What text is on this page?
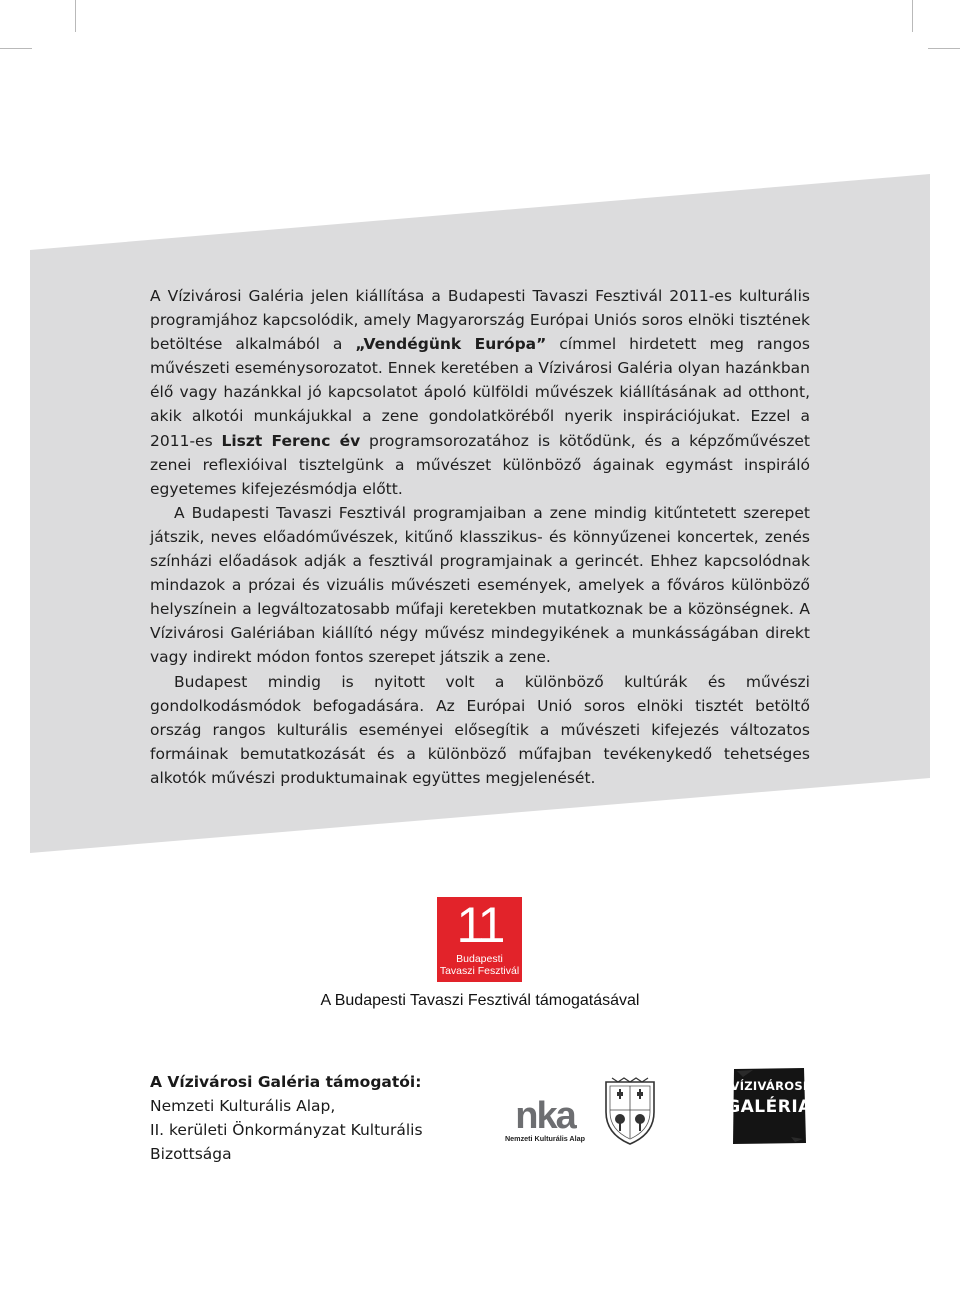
A Vízivárosi Galéria jelen kiállítása a Budapesti Tavaszi Fesztivál 2011-es kulturális programjához kapcsolódik, amely Magyarország Európai Uniós soros elnöki tisztének betöltése alkalmából a „Vendégünk Európa” címmel hirdetett meg rangos művészeti eseménysorozatot. Ennek keretében a Vízivárosi Galéria olyan hazánkban élő vagy hazánkkal jó kapcsolatot ápoló külföldi művészek kiállításának ad otthont, akik alkotói munkájukkal a zene gondolatköréből nyerik inspirációjukat. Ezzel a 2011-es Liszt Ferenc év programsorozatához is kötődünk, és a képzőművészet zenei reflexióival tisztelgünk a művészet különböző ágainak egymást inspiráló egyetemes kifejezésmódja előtt.

A Budapesti Tavaszi Fesztivál programjaiban a zene mindig kitűntetett szerepet játszik, neves előadóművészek, kitűnő klasszikus- és könnyűzenei koncertek, zenés színházi előadások adják a fesztivál programjainak a gerincét. Ehhez kapcsolódnak mindazok a prózai és vizuális művészeti események, amelyek a főváros különböző helyszínein a legváltozatosabb műfaji keretekben mutatkoznak be a közönségnek. A Vízivárosi Galériában kiállító négy művész mindegyikének a munkásságában direkt vagy indirekt módon fontos szerepet játszik a zene.

Budapest mindig is nyitott volt a különböző kultúrák és művészi gondolkodásmódok befogadására. Az Európai Unió soros elnöki tisztét betöltő ország rangos kulturális eseményei elősegítik a művészeti kifejezés változatos formáinak bemutatkozását és a különböző műfajban tevékenykedő tehetséges alkotók művészi produktumainak együttes megjelenését.

11
Budapesti
Tavaszi Fesztivál
A Budapesti Tavaszi Fesztivál támogatásával
A Vízivárosi Galéria támogatói:
Nemzeti Kulturális Alap,
II. kerületi Önkormányzat Kulturális Bizottsága
nka
Nemzeti Kulturális Alap
VÍZIVÁROSI
GALÉRIA
